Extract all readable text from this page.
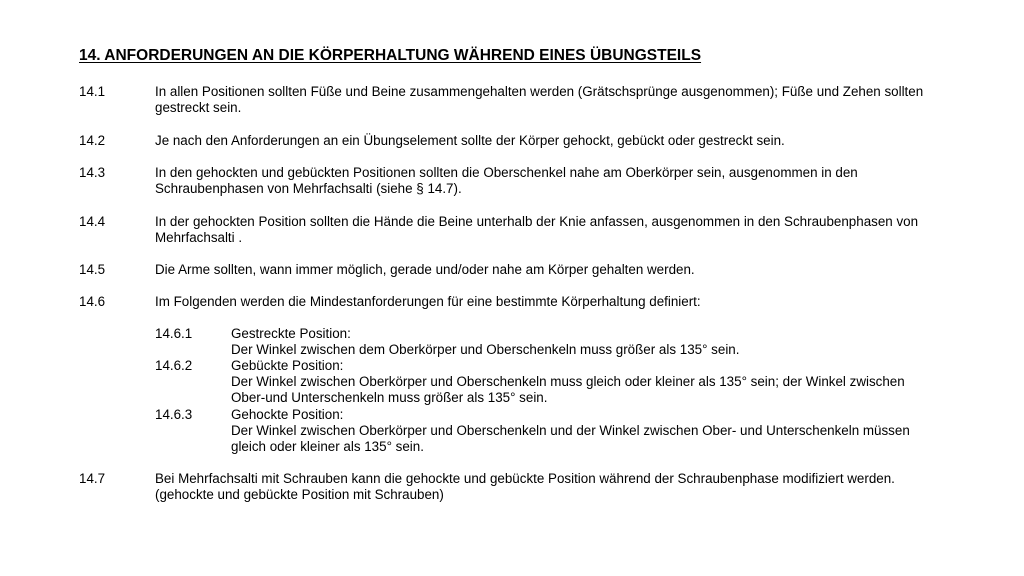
14. ANFORDERUNGEN AN DIE KÖRPERHALTUNG WÄHREND EINES ÜBUNGSTEILS
14.1	In allen Positionen sollten Füße und Beine zusammengehalten werden (Grätschsprünge ausgenommen); Füße und Zehen sollten gestreckt sein.
14.2	Je nach den Anforderungen an ein Übungselement sollte der Körper gehockt, gebückt oder gestreckt sein.
14.3	In den gehockten und gebückten Positionen sollten die Oberschenkel nahe am Oberkörper sein, ausgenommen in den Schraubenphasen von Mehrfachsalti (siehe § 14.7).
14.4	In der gehockten Position sollten die Hände die Beine unterhalb der Knie anfassen, ausgenommen in den Schraubenphasen von Mehrfachsalti .
14.5	Die Arme sollten, wann immer möglich, gerade und/oder nahe am Körper gehalten werden.
14.6	Im Folgenden werden die Mindestanforderungen für eine bestimmte Körperhaltung definiert:
14.6.1	Gestreckte Position:
Der Winkel zwischen dem Oberkörper und Oberschenkeln muss größer als 135° sein.
14.6.2	Gebückte Position:
Der Winkel zwischen Oberkörper und Oberschenkeln muss gleich oder kleiner als 135° sein; der Winkel zwischen Ober-und Unterschenkeln muss größer als 135° sein.
14.6.3	Gehockte Position:
Der Winkel zwischen Oberkörper und Oberschenkeln und der Winkel zwischen Ober- und Unterschenkeln müssen gleich oder kleiner als 135° sein.
14.7	Bei Mehrfachsalti mit Schrauben kann die gehockte und gebückte Position während der Schraubenphase modifiziert werden. (gehockte und gebückte Position mit Schrauben)
